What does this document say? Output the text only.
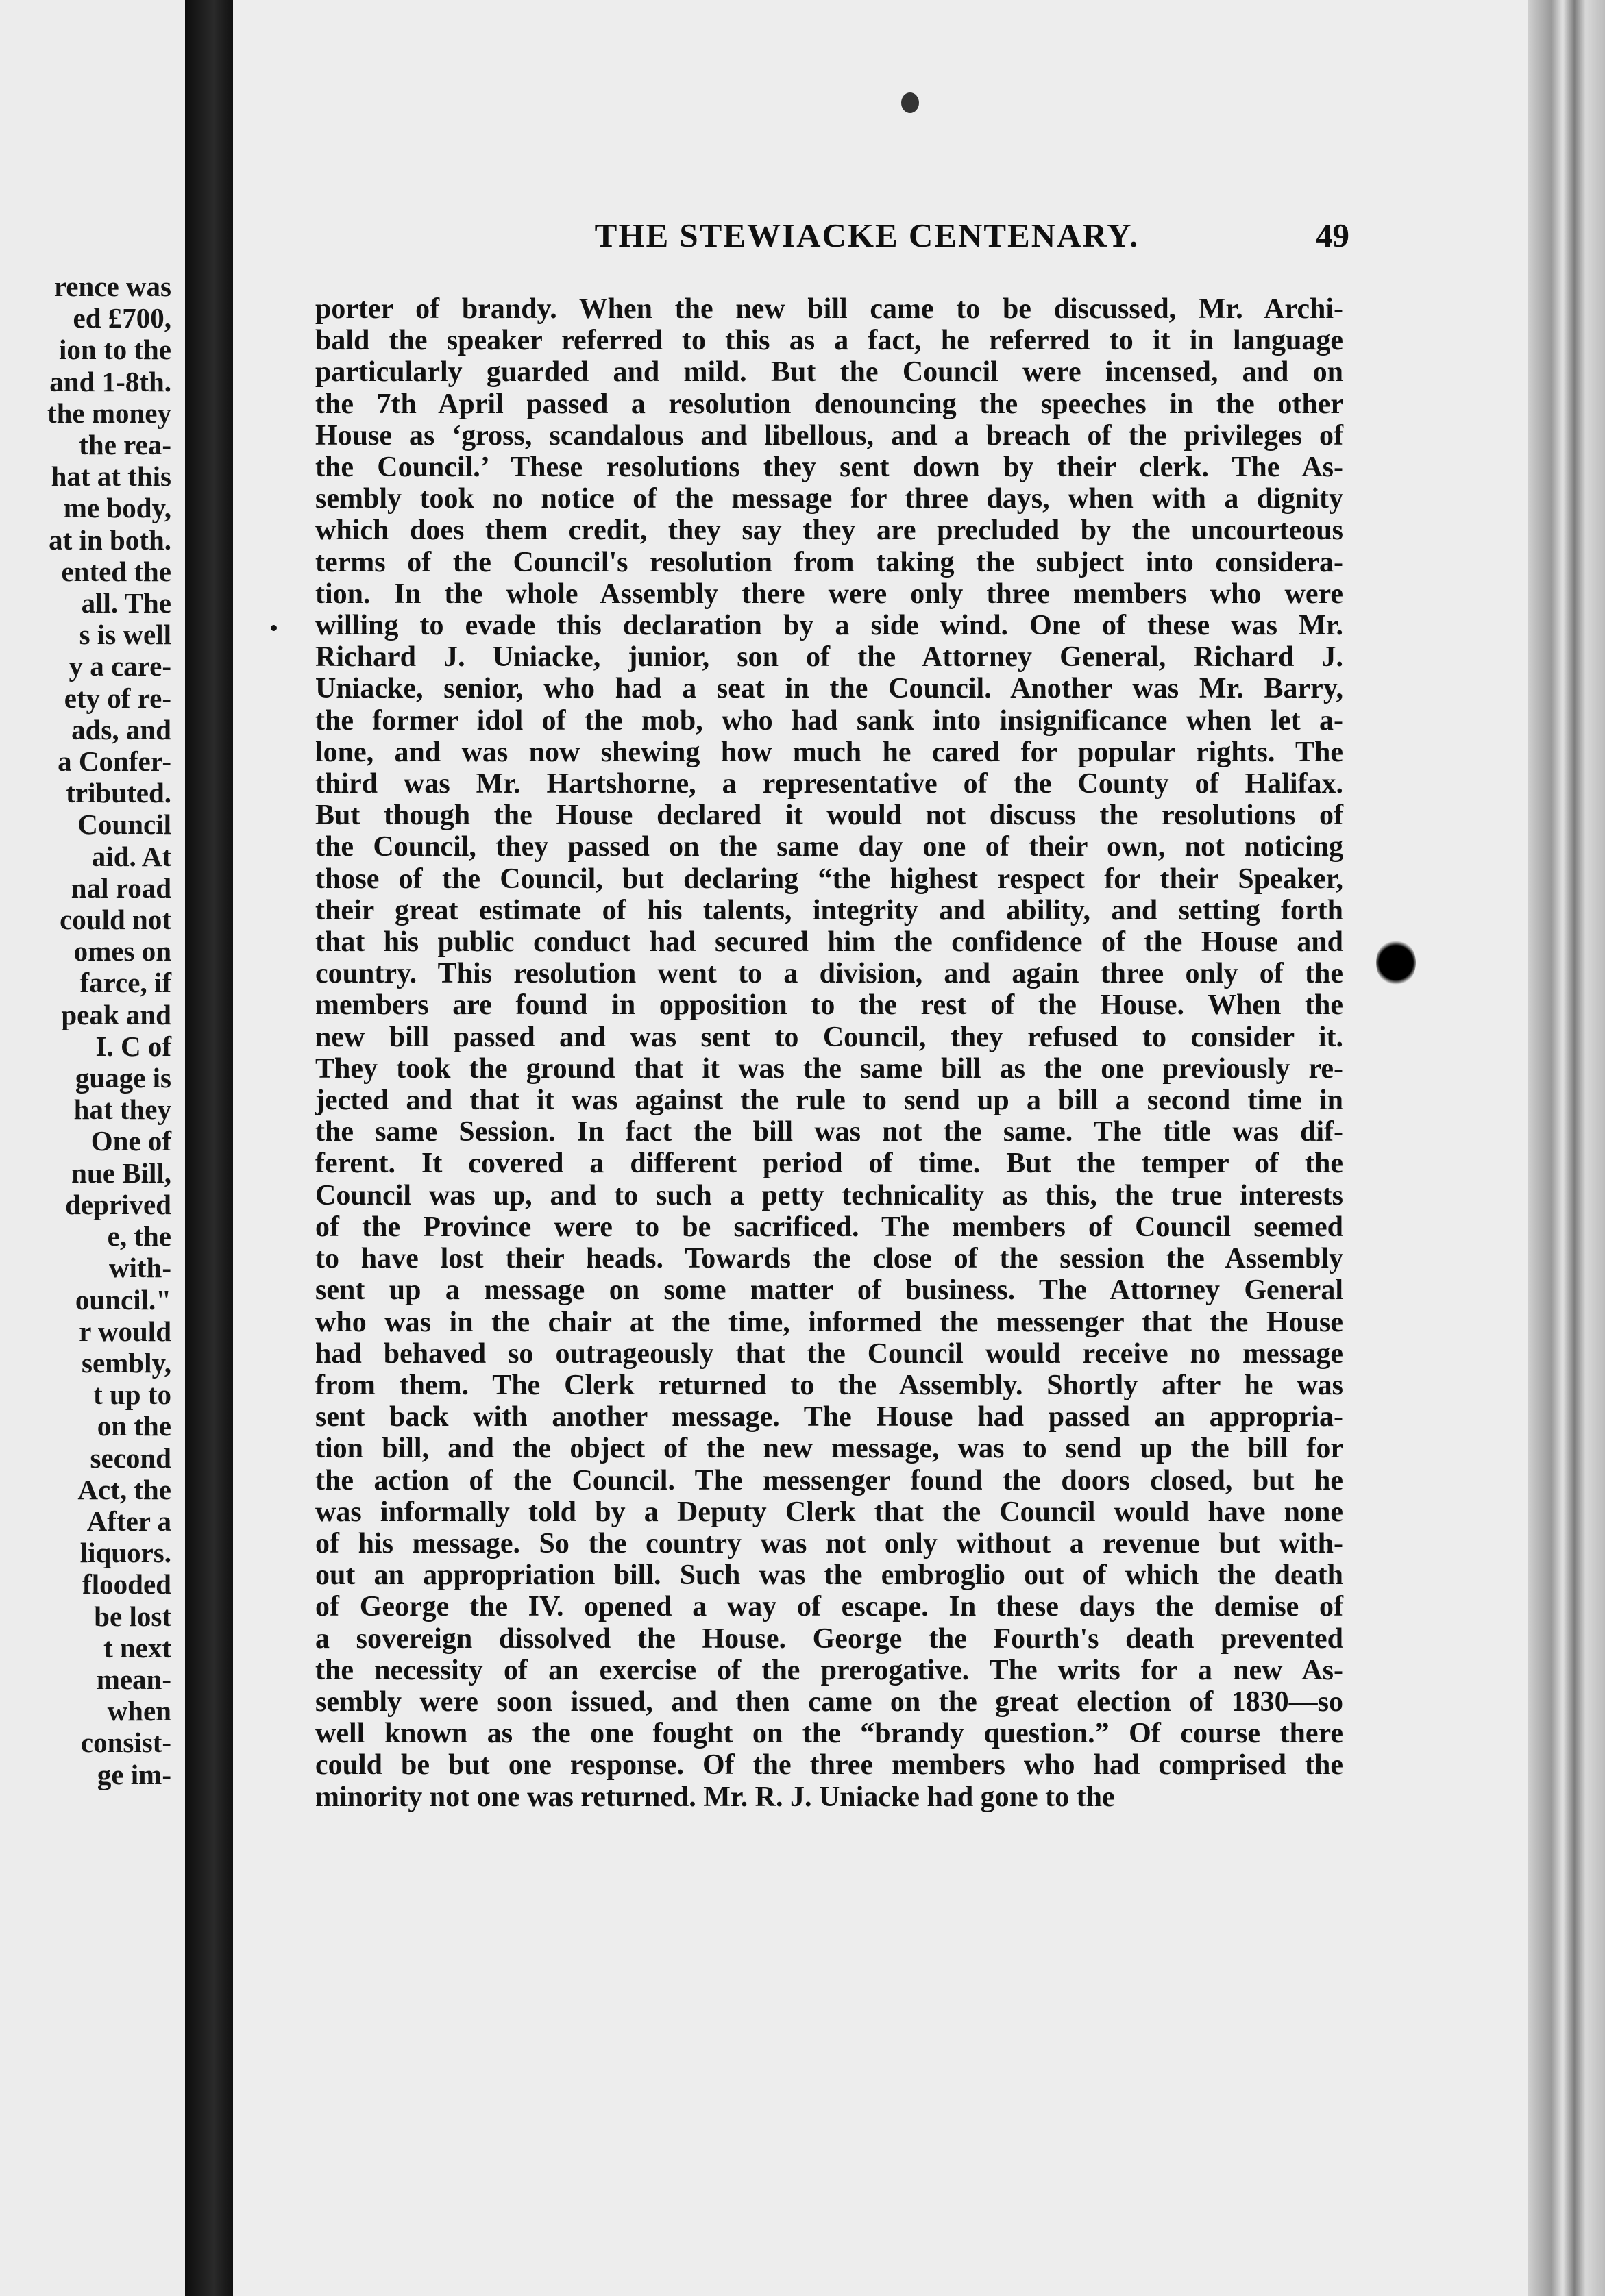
rence was
ed £700,
ion to the
and 1-8th.
the money
the rea-
hat at this
me body,
at in both.
ented the
all. The
s is well
y a care-
ety of re-
ads, and
a Confer-
tributed.
Council
aid. At
nal road
could not
omes on
farce, if
peak and
I. C of
guage is
hat they
One of
nue Bill,
deprived
e, the
with-
ouncil."
r would
sembly,
t up to
on the
second
Act, the
After a
liquors.
flooded
be lost
t next
mean-
when
consist-
ge im-
THE STEWIACKE CENTENARY.	49
porter of brandy. When the new bill came to be discussed, Mr. Archi-
bald the speaker referred to this as a fact, he referred to it in language
particularly guarded and mild. But the Council were incensed, and on
the 7th April passed a resolution denouncing the speeches in the other
House as ‘gross, scandalous and libellous, and a breach of the privileges of
the Council.’ These resolutions they sent down by their clerk. The As-
sembly took no notice of the message for three days, when with a dignity
which does them credit, they say they are precluded by the uncourteous
terms of the Council's resolution from taking the subject into considera-
tion. In the whole Assembly there were only three members who were
willing to evade this declaration by a side wind. One of these was Mr.
Richard J. Uniacke, junior, son of the Attorney General, Richard J.
Uniacke, senior, who had a seat in the Council. Another was Mr. Barry,
the former idol of the mob, who had sank into insignificance when let a-
lone, and was now shewing how much he cared for popular rights. The
third was Mr. Hartshorne, a representative of the County of Halifax.
But though the House declared it would not discuss the resolutions of
the Council, they passed on the same day one of their own, not noticing
those of the Council, but declaring “the highest respect for their Speaker,
their great estimate of his talents, integrity and ability, and setting forth
that his public conduct had secured him the confidence of the House and
country. This resolution went to a division, and again three only of the
members are found in opposition to the rest of the House. When the
new bill passed and was sent to Council, they refused to consider it.
They took the ground that it was the same bill as the one previously re-
jected and that it was against the rule to send up a bill a second time in
the same Session. In fact the bill was not the same. The title was dif-
ferent. It covered a different period of time. But the temper of the
Council was up, and to such a petty technicality as this, the true interests
of the Province were to be sacrificed. The members of Council seemed
to have lost their heads. Towards the close of the session the Assembly
sent up a message on some matter of business. The Attorney General
who was in the chair at the time, informed the messenger that the House
had behaved so outrageously that the Council would receive no message
from them. The Clerk returned to the Assembly. Shortly after he was
sent back with another message. The House had passed an appropria-
tion bill, and the object of the new message, was to send up the bill for
the action of the Council. The messenger found the doors closed, but he
was informally told by a Deputy Clerk that the Council would have none
of his message. So the country was not only without a revenue but with-
out an appropriation bill. Such was the embroglio out of which the death
of George the IV. opened a way of escape. In these days the demise of
a sovereign dissolved the House. George the Fourth's death prevented
the necessity of an exercise of the prerogative. The writs for a new As-
sembly were soon issued, and then came on the great election of 1830—so
well known as the one fought on the “brandy question.” Of course there
could be but one response. Of the three members who had comprised the
minority not one was returned. Mr. R. J. Uniacke had gone to the
